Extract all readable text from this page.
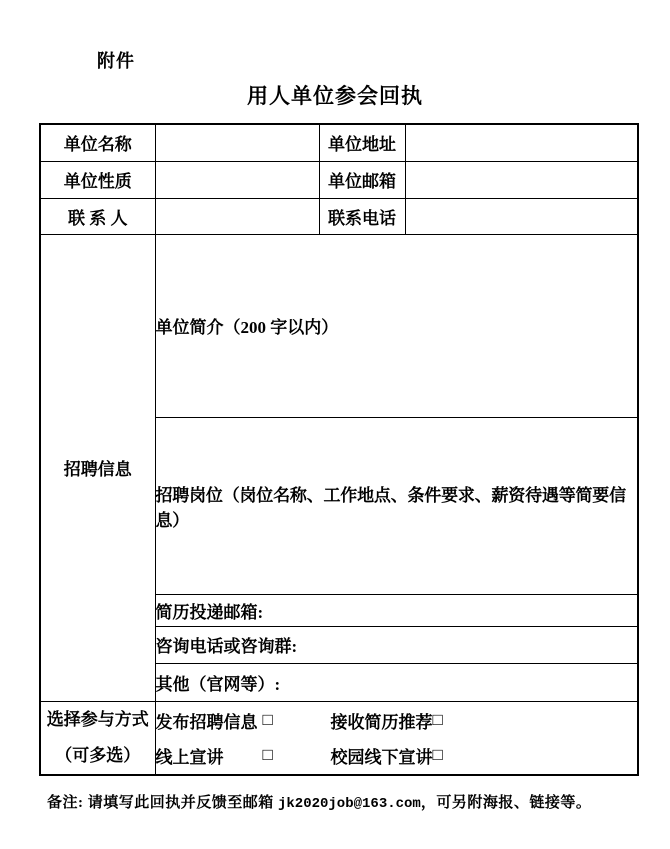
附件
用人单位参会回执
单位名称		单位地址	
单位性质		单位邮箱	
联 系 人		联系电话	
招聘信息	单位简介（200 字以内）		
	招聘岗位（岗位名称、工作地点、条件要求、薪资待遇等简要信息）		
	简历投递邮箱:		
	咨询电话或咨询群:		
	其他（官网等）:		

选择参与方式
（可多选）

发布招聘信息 □	接收简历推荐 □
线上宣讲	□	校园线下宣讲 □
备注: 请填写此回执并反馈至邮箱 jk2020job@163.com，可另附海报、链接等。
